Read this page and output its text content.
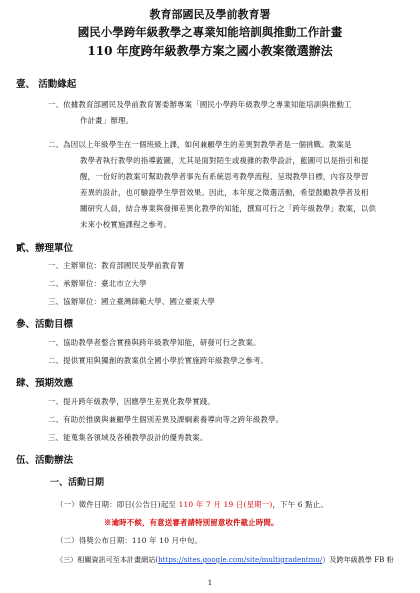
教育部國民及學前教育署
國民小學跨年級教學之專業知能培訓與推動工作計畫
110 年度跨年級教學方案之國小教案徵選辦法
壹、 活動緣起
一、依據教育部國民及學前教育署委辦專案「國民小學跨年級教學之專業知能培訓與推動工
作計畫」辦理。
二、為因以上年級學生在一個班級上課，如何兼顧學生的差異對教學者是一個挑戰。教案是
教學者執行教學的指導藍圖，尤其是面對陌生或複雜的教學設計，藍圖可以是指引和提
醒，一份好的教案可幫助教學者事先有系統思考教學流程、呈現教學目標，內容及學習
差異的設計，也可驗證學生學習效果。因此，本年度之徵選活動，希望鼓勵教學者及相
關研究人員，結合專業與發揮差異化教學的知能，撰寫可行之「跨年級教學」教案，以供
未來小校實施課程之參考。
貳、辦理單位
一、主辦單位：教育部國民及學前教育署
二、承辦單位：臺北市立大學
三、協辦單位：國立臺灣師範大學、國立臺東大學
參、活動目標
一、協助教學者整合實務與跨年級教學知能，研發可行之教案。
二、提供實用與獨創的教案供全國小學於實施跨年級教學之參考。
肆、預期效應
一、提升跨年級教學，因應學生差異化教學實踐。
二、有助於推廣與兼顧學生個別差異及課綱素養導向等之跨年級教學。
三、能蒐集各領域及各種教學設計的優秀教案。
伍、活動辦法
一、活動日期
（一）徵件日期：即日(公告日)起至 110 年 7 月 19 日(星期一)，下午 6 點止。
※逾時不候，有意送審者請特別留意收件截止時間。
（二）得獎公布日期：110 年 10 月中旬。
（三）相關資訊可至本計畫網站(https://sites.google.com/site/multigradentmu/）及跨年級教學 FB 粉
1
